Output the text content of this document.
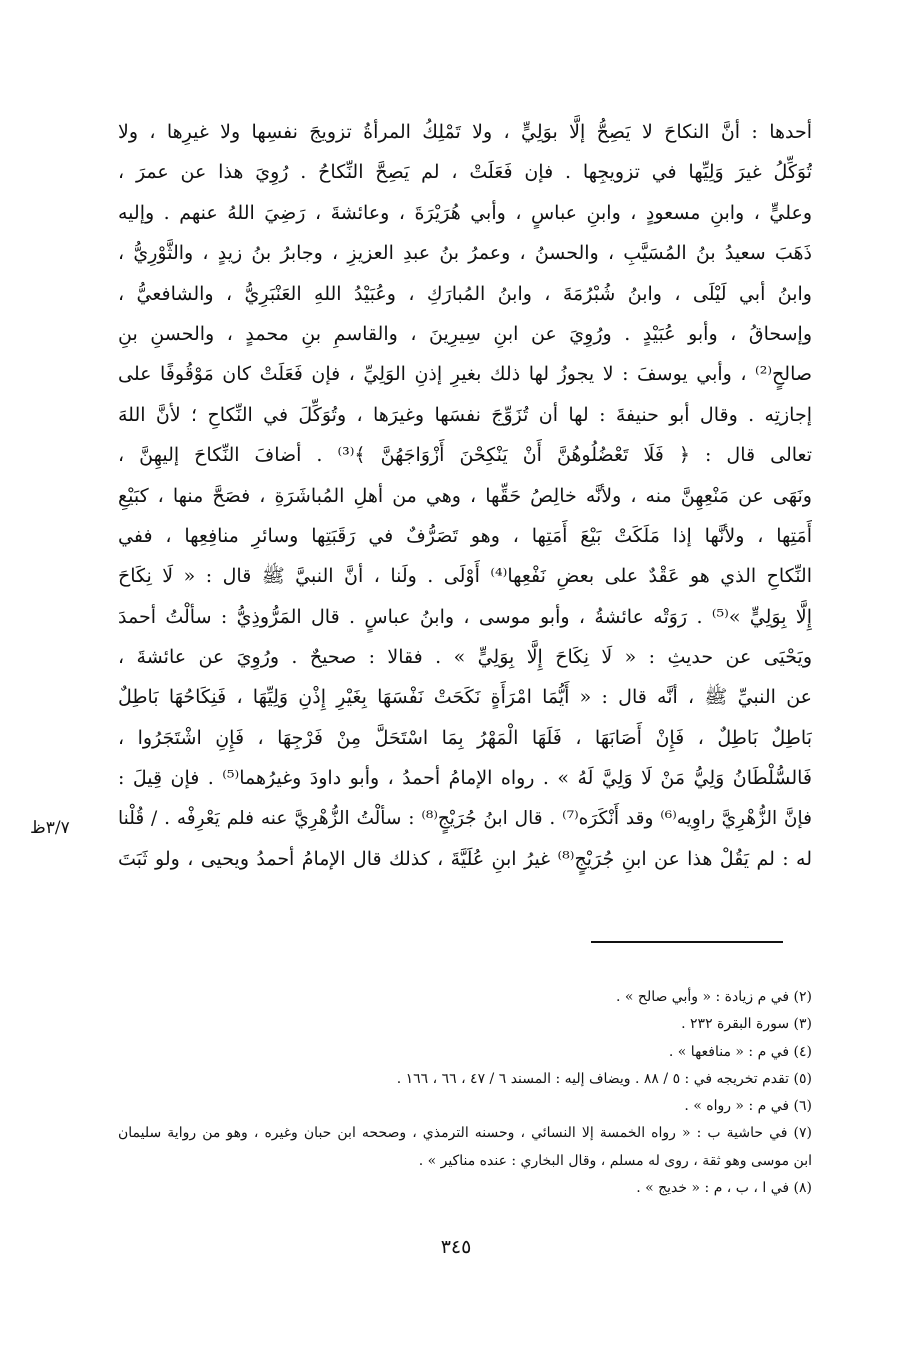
أحدها : أنَّ النكاحَ لا يَصِحُّ إلَّا بوَلِيٍّ ، ولا تَمْلِكُ المرأةُ تزويجَ نفسِها ولا غيرِها ، ولا
تُوَكِّلُ غيرَ وَلِيِّها في تزويجِها . فإن فَعَلَتْ ، لم يَصِحَّ النِّكاحُ . رُوِيَ هذا عن عمرَ ،
وعليٍّ ، وابنِ مسعودٍ ، وابنِ عباسٍ ، وأبي هُرَيْرَةَ ، وعائشةَ ، رَضِيَ اللهُ عنهم . وإليه
ذَهَبَ سعيدُ بنُ المُسَيَّبِ ، والحسنُ ، وعمرُ بنُ عبدِ العزيزِ ، وجابرُ بنُ زيدٍ ، والثَّوْرِيُّ ،
وابنُ أبي لَيْلَى ، وابنُ شُبْرُمَةَ ، وابنُ المُبارَكِ ، وعُبَيْدُ اللهِ العَنْبَرِيُّ ، والشافعيُّ ،
وإسحاقُ ، وأبو عُبَيْدٍ . ورُوِيَ عن ابنِ سِيرِينَ ، والقاسمِ بنِ محمدٍ ، والحسنِ بنِ
صالحٍ⁽²⁾ ، وأبي يوسفَ : لا يجوزُ لها ذلك بغيرِ إذنِ الوَلِيِّ ، فإن فَعَلَتْ كان مَوْقُوفًا على
إجازتِه . وقال أبو حنيفةَ : لها أن تُزَوِّجَ نفسَها وغيرَها ، وتُوَكِّلَ في النِّكاحِ ؛ لأنَّ اللهَ
تعالى قال : ﴿ فَلَا تَعْضُلُوهُنَّ أَنْ يَنْكِحْنَ أَزْوَاجَهُنَّ ﴾⁽³⁾ . أضافَ النِّكاحَ إليهِنَّ ،
ونَهَى عن مَنْعِهِنَّ منه ، ولأنَّه خالِصُ حَقِّها ، وهي من أهلِ المُباشَرَةِ ، فصَحَّ منها ، كبَيْعِ
أَمَتِها ، ولأنَّها إذا مَلَكَتْ بَيْعَ أَمَتِها ، وهو تَصَرُّفٌ في رَقَبَتِها وسائرِ منافِعِها ، ففي
النِّكاحِ الذي هو عَقْدٌ على بعضِ نَفْعِها⁽⁴⁾ أَوْلَى . ولَنا ، أنَّ النبيَّ ﷺ قال : « لَا نِكَاحَ
إِلَّا بِوَلِيٍّ »⁽⁵⁾ . رَوَتْه عائشةُ ، وأبو موسى ، وابنُ عباسٍ . قال المَرُّوذِيُّ : سألْتُ أحمدَ
ويَحْيَى عن حديثِ : « لَا نِكَاحَ إِلَّا بِوَلِيٍّ » . فقالا : صحيحٌ . ورُوِيَ عن عائشةَ ،
عن النبيِّ ﷺ ، أنَّه قال : « أَيُّمَا امْرَأَةٍ نَكَحَتْ نَفْسَهَا بِغَيْرِ إِذْنِ وَلِيِّهَا ، فَنِكَاحُهَا بَاطِلٌ
بَاطِلٌ بَاطِلٌ ، فَإِنْ أَصَابَهَا ، فَلَهَا الْمَهْرُ بِمَا اسْتَحَلَّ مِنْ فَرْجِهَا ، فَإِنِ اشْتَجَرُوا ،
فَالسُّلْطَانُ وَلِيُّ مَنْ لَا وَلِيَّ لَهُ » . رواه الإمامُ أحمدُ ، وأبو داودَ وغيرُهما⁽⁵⁾ . فإن قِيلَ :
فإنَّ الزُّهْرِيَّ راوِيه⁽⁶⁾ وقد أَنْكَرَه⁽⁷⁾ . قال ابنُ جُرَيْجٍ⁽⁸⁾ : سألْتُ الزُّهْرِيَّ عنه فلم يَعْرِفْه . / قُلْنا
له : لم يَقُلْ هذا عن ابنِ جُرَيْجٍ⁽⁸⁾ غيرُ ابنِ عُلَيَّةَ ، كذلك قال الإمامُ أحمدُ ويحيى ، ولو ثَبَتَ
٣/٧ظ
(٢) في م زيادة : « وأبي صالح » .
(٣) سورة البقرة ٢٣٢ .
(٤) في م : « منافعها » .
(٥) تقدم تخريجه في : ٥ / ٨٨ . ويضاف إليه : المسند ٦ / ٤٧ ، ٦٦ ، ١٦٦ .
(٦) في م : « رواه » .
(٧) في حاشية ب : « رواه الخمسة إلا النسائي ، وحسنه الترمذي ، وصححه ابن حبان وغيره ، وهو من رواية سليمان
ابن موسى وهو ثقة ، روى له مسلم ، وقال البخاري : عنده مناكير » .
(٨) في ا ، ب ، م : « خديج » .
٣٤٥
